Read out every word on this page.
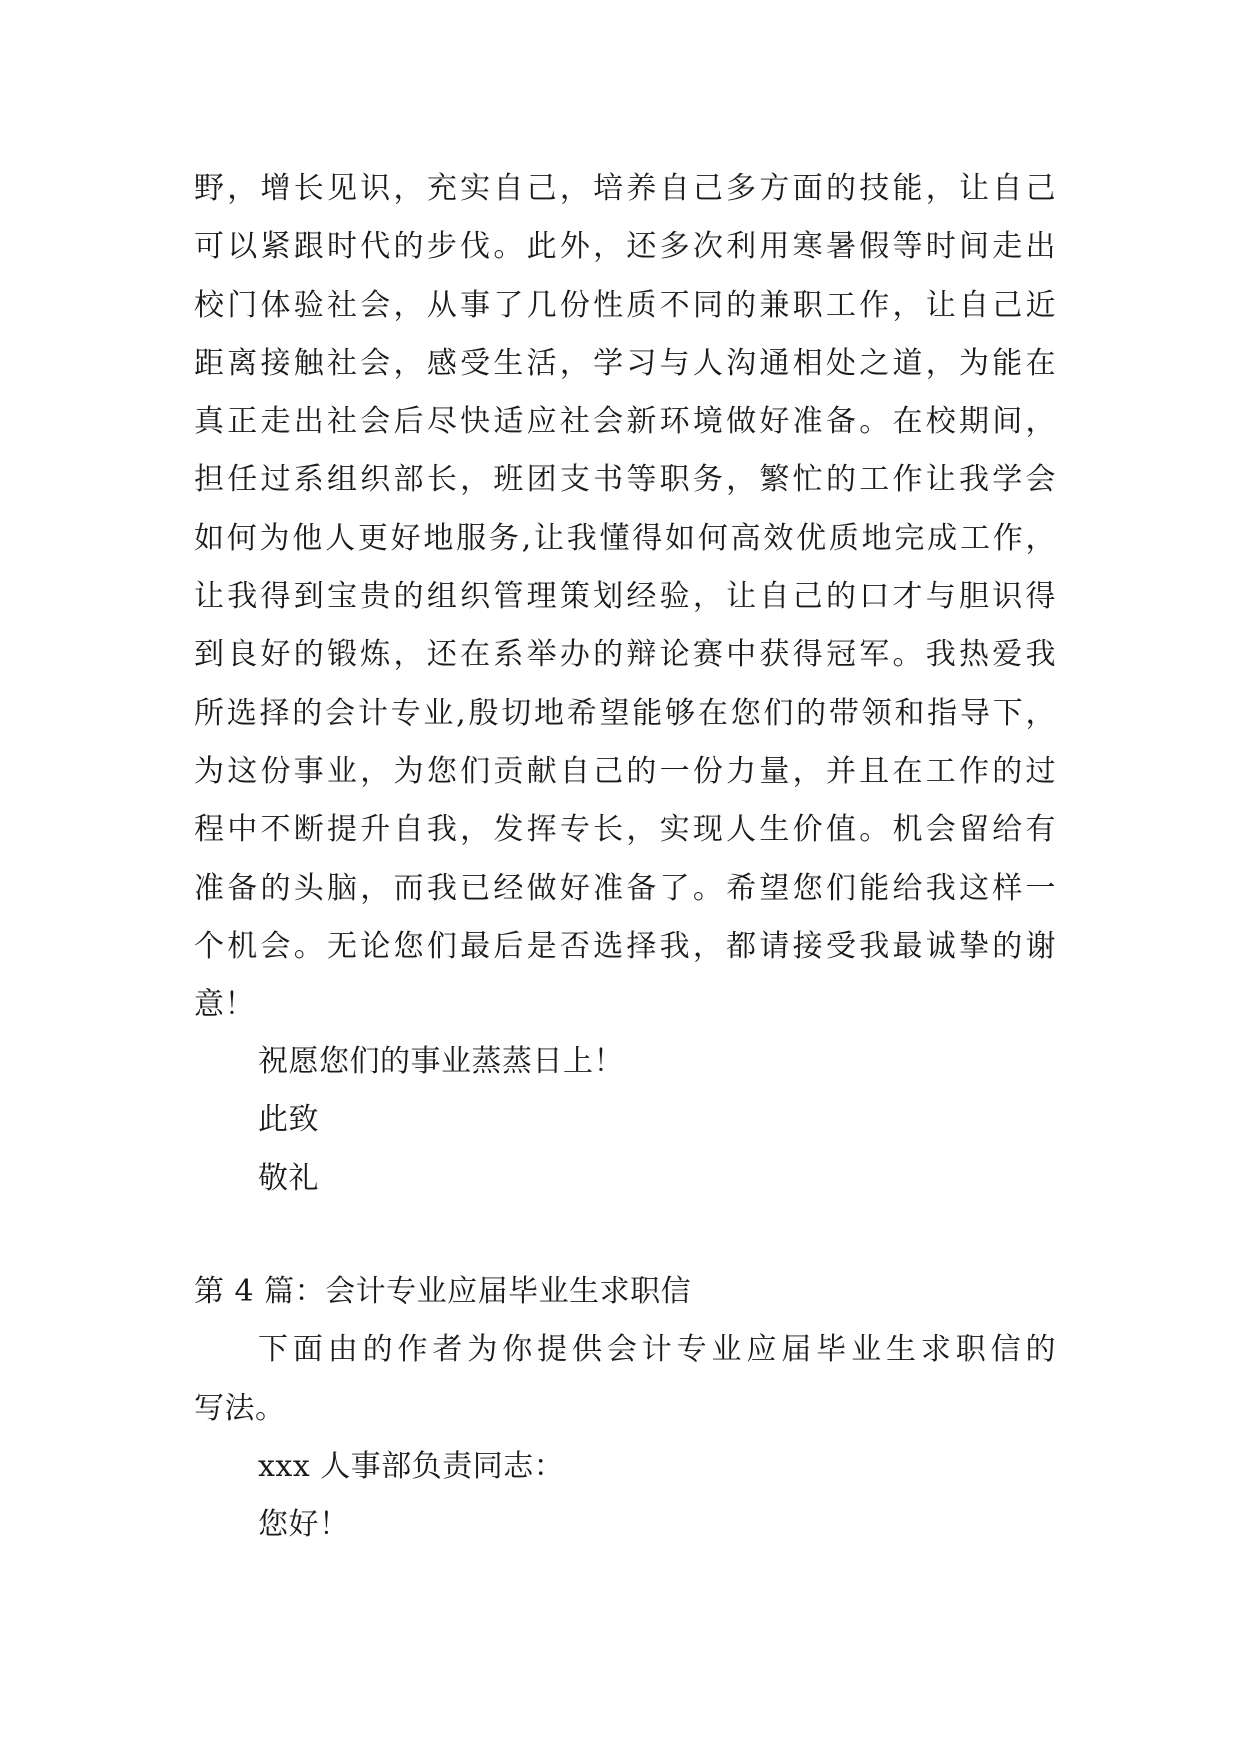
野，增长见识，充实自己，培养自己多方面的技能，让自己
可以紧跟时代的步伐。此外，还多次利用寒暑假等时间走出
校门体验社会，从事了几份性质不同的兼职工作，让自己近
距离接触社会，感受生活，学习与人沟通相处之道，为能在
真正走出社会后尽快适应社会新环境做好准备。在校期间，
担任过系组织部长，班团支书等职务，繁忙的工作让我学会
如何为他人更好地服务,让我懂得如何高效优质地完成工作，
让我得到宝贵的组织管理策划经验，让自己的口才与胆识得
到良好的锻炼，还在系举办的辩论赛中获得冠军。我热爱我
所选择的会计专业,殷切地希望能够在您们的带领和指导下，
为这份事业，为您们贡献自己的一份力量，并且在工作的过
程中不断提升自我，发挥专长，实现人生价值。机会留给有
准备的头脑，而我已经做好准备了。希望您们能给我这样一
个机会。无论您们最后是否选择我，都请接受我最诚挚的谢
意！
祝愿您们的事业蒸蒸日上！
此致
敬礼
第 4 篇：会计专业应届毕业生求职信
下面由的作者为你提供会计专业应届毕业生求职信的
写法。
xxx 人事部负责同志：
您好！
